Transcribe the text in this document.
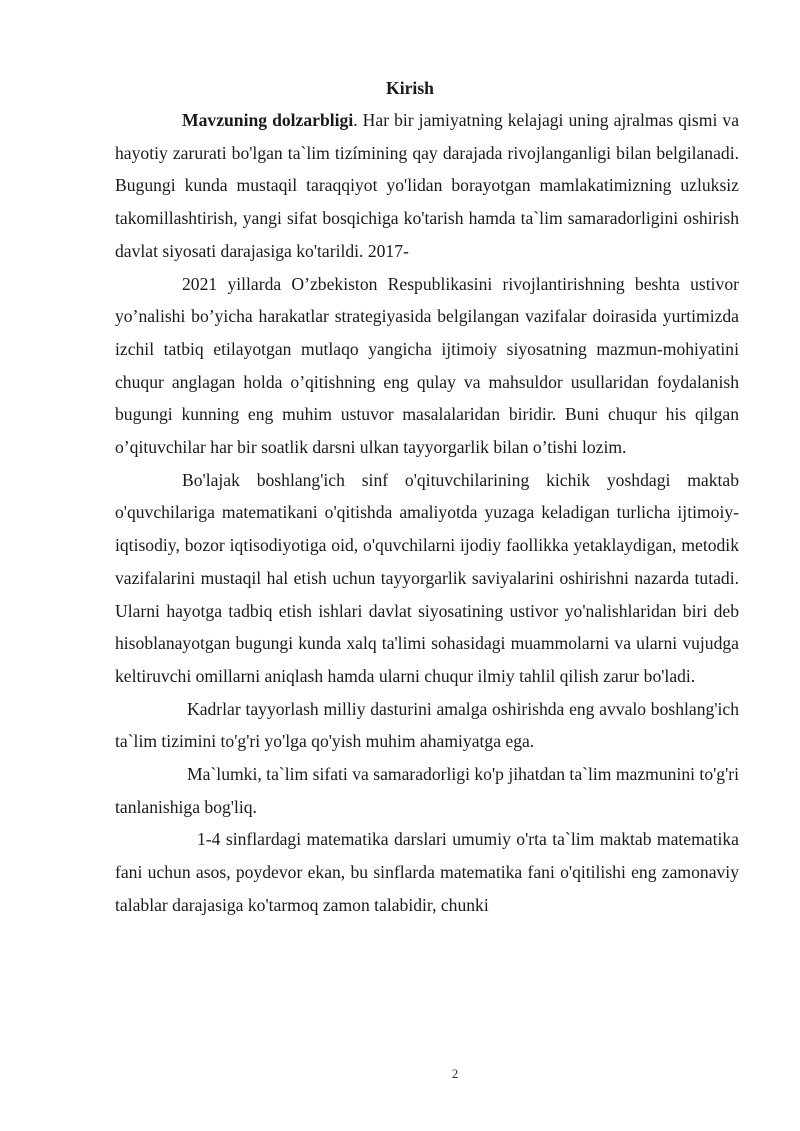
Kirish

Mavzuning dolzarbligi. Har bir jamiyatning kelajagi uning ajralmas qismi va hayotiy zarurati bo'lgan ta`lim tizímining qay darajada rivojlanganligi bilan belgilanadi. Bugungi kunda mustaqil taraqqiyot yo'lidan borayotgan mamlakatimizning uzluksiz takomillashtirish, yangi sifat bosqichiga ko'tarish hamda ta`lim samaradorligini oshirish davlat siyosati darajasiga ko'tarildi. 2017-

2021 yillarda O’zbekiston Respublikasini rivojlantirishning beshta ustivor yo’nalishi bo’yicha harakatlar strategiyasida belgilangan vazifalar doirasida yurtimizda izchil tatbiq etilayotgan mutlaqo yangicha ijtimoiy siyosatning mazmun-mohiyatini chuqur anglagan holda o’qitishning eng qulay va mahsuldor usullaridan foydalanish bugungi kunning eng muhim ustuvor masalalaridan biridir. Buni chuqur his qilgan o’qituvchilar har bir soatlik darsni ulkan tayyorgarlik bilan o’tishi lozim.

Bo'lajak boshlang'ich sinf o'qituvchilarining kichik yoshdagi maktab o'quvchilariga matematikani o'qitishda amaliyotda yuzaga keladigan turlicha ijtimoiy-iqtisodiy, bozor iqtisodiyotiga oid, o'quvchilarni ijodiy faollikka yetaklaydigan, metodik vazifalarini mustaqil hal etish uchun tayyorgarlik saviyalarini oshirishni nazarda tutadi. Ularni hayotga tadbiq etish ishlari davlat siyosatining ustivor yo'nalishlaridan biri deb hisoblanayotgan bugungi kunda xalq ta'limi sohasidagi muammolarni va ularni vujudga keltiruvchi omillarni aniqlash hamda ularni chuqur ilmiy tahlil qilish zarur bo'ladi.

Kadrlar tayyorlash milliy dasturini amalga oshirishda eng avvalo boshlang'ich ta`lim tizimini to'g'ri yo'lga qo'yish muhim ahamiyatga ega.

Ma`lumki, ta`lim sifati va samaradorligi ko'p jihatdan ta`lim mazmunini to'g'ri tanlanishiga bog'liq.

1-4 sinflardagi matematika darslari umumiy o'rta ta`lim maktab matematika fani uchun asos, poydevor ekan, bu sinflarda matematika fani o'qitilishi eng zamonaviy talablar darajasiga ko'tarmoq zamon talabidir, chunki

2
